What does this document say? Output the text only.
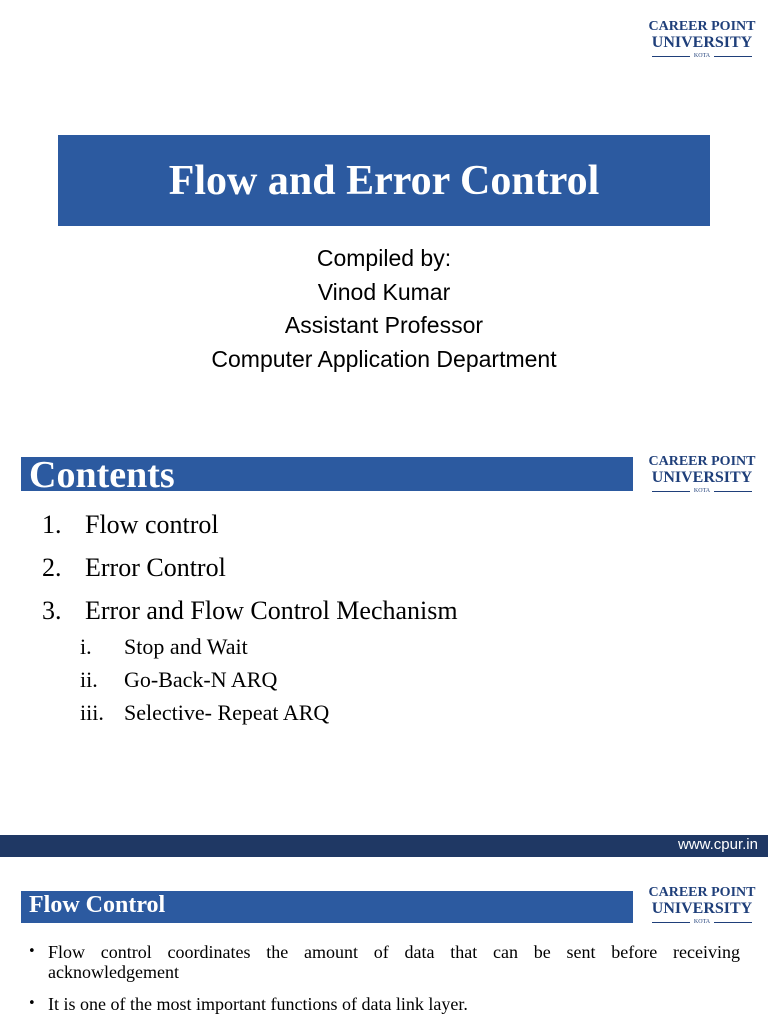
CAREER POINT
UNIVERSITY
KOTA
Flow and Error Control
Compiled by:
Vinod Kumar
Assistant Professor
Computer Application Department
Contents	CAREER POINT
UNIVERSITY
KOTA
1. Flow control
2. Error Control
3. Error and Flow Control Mechanism
i. Stop and Wait
ii. Go-Back-N ARQ
iii. Selective- Repeat ARQ
www.cpur.in
Flow Control	CAREER POINT
UNIVERSITY
KOTA
• Flow control coordinates the amount of data that can be sent before receiving acknowledgement
• It is one of the most important functions of data link layer.
